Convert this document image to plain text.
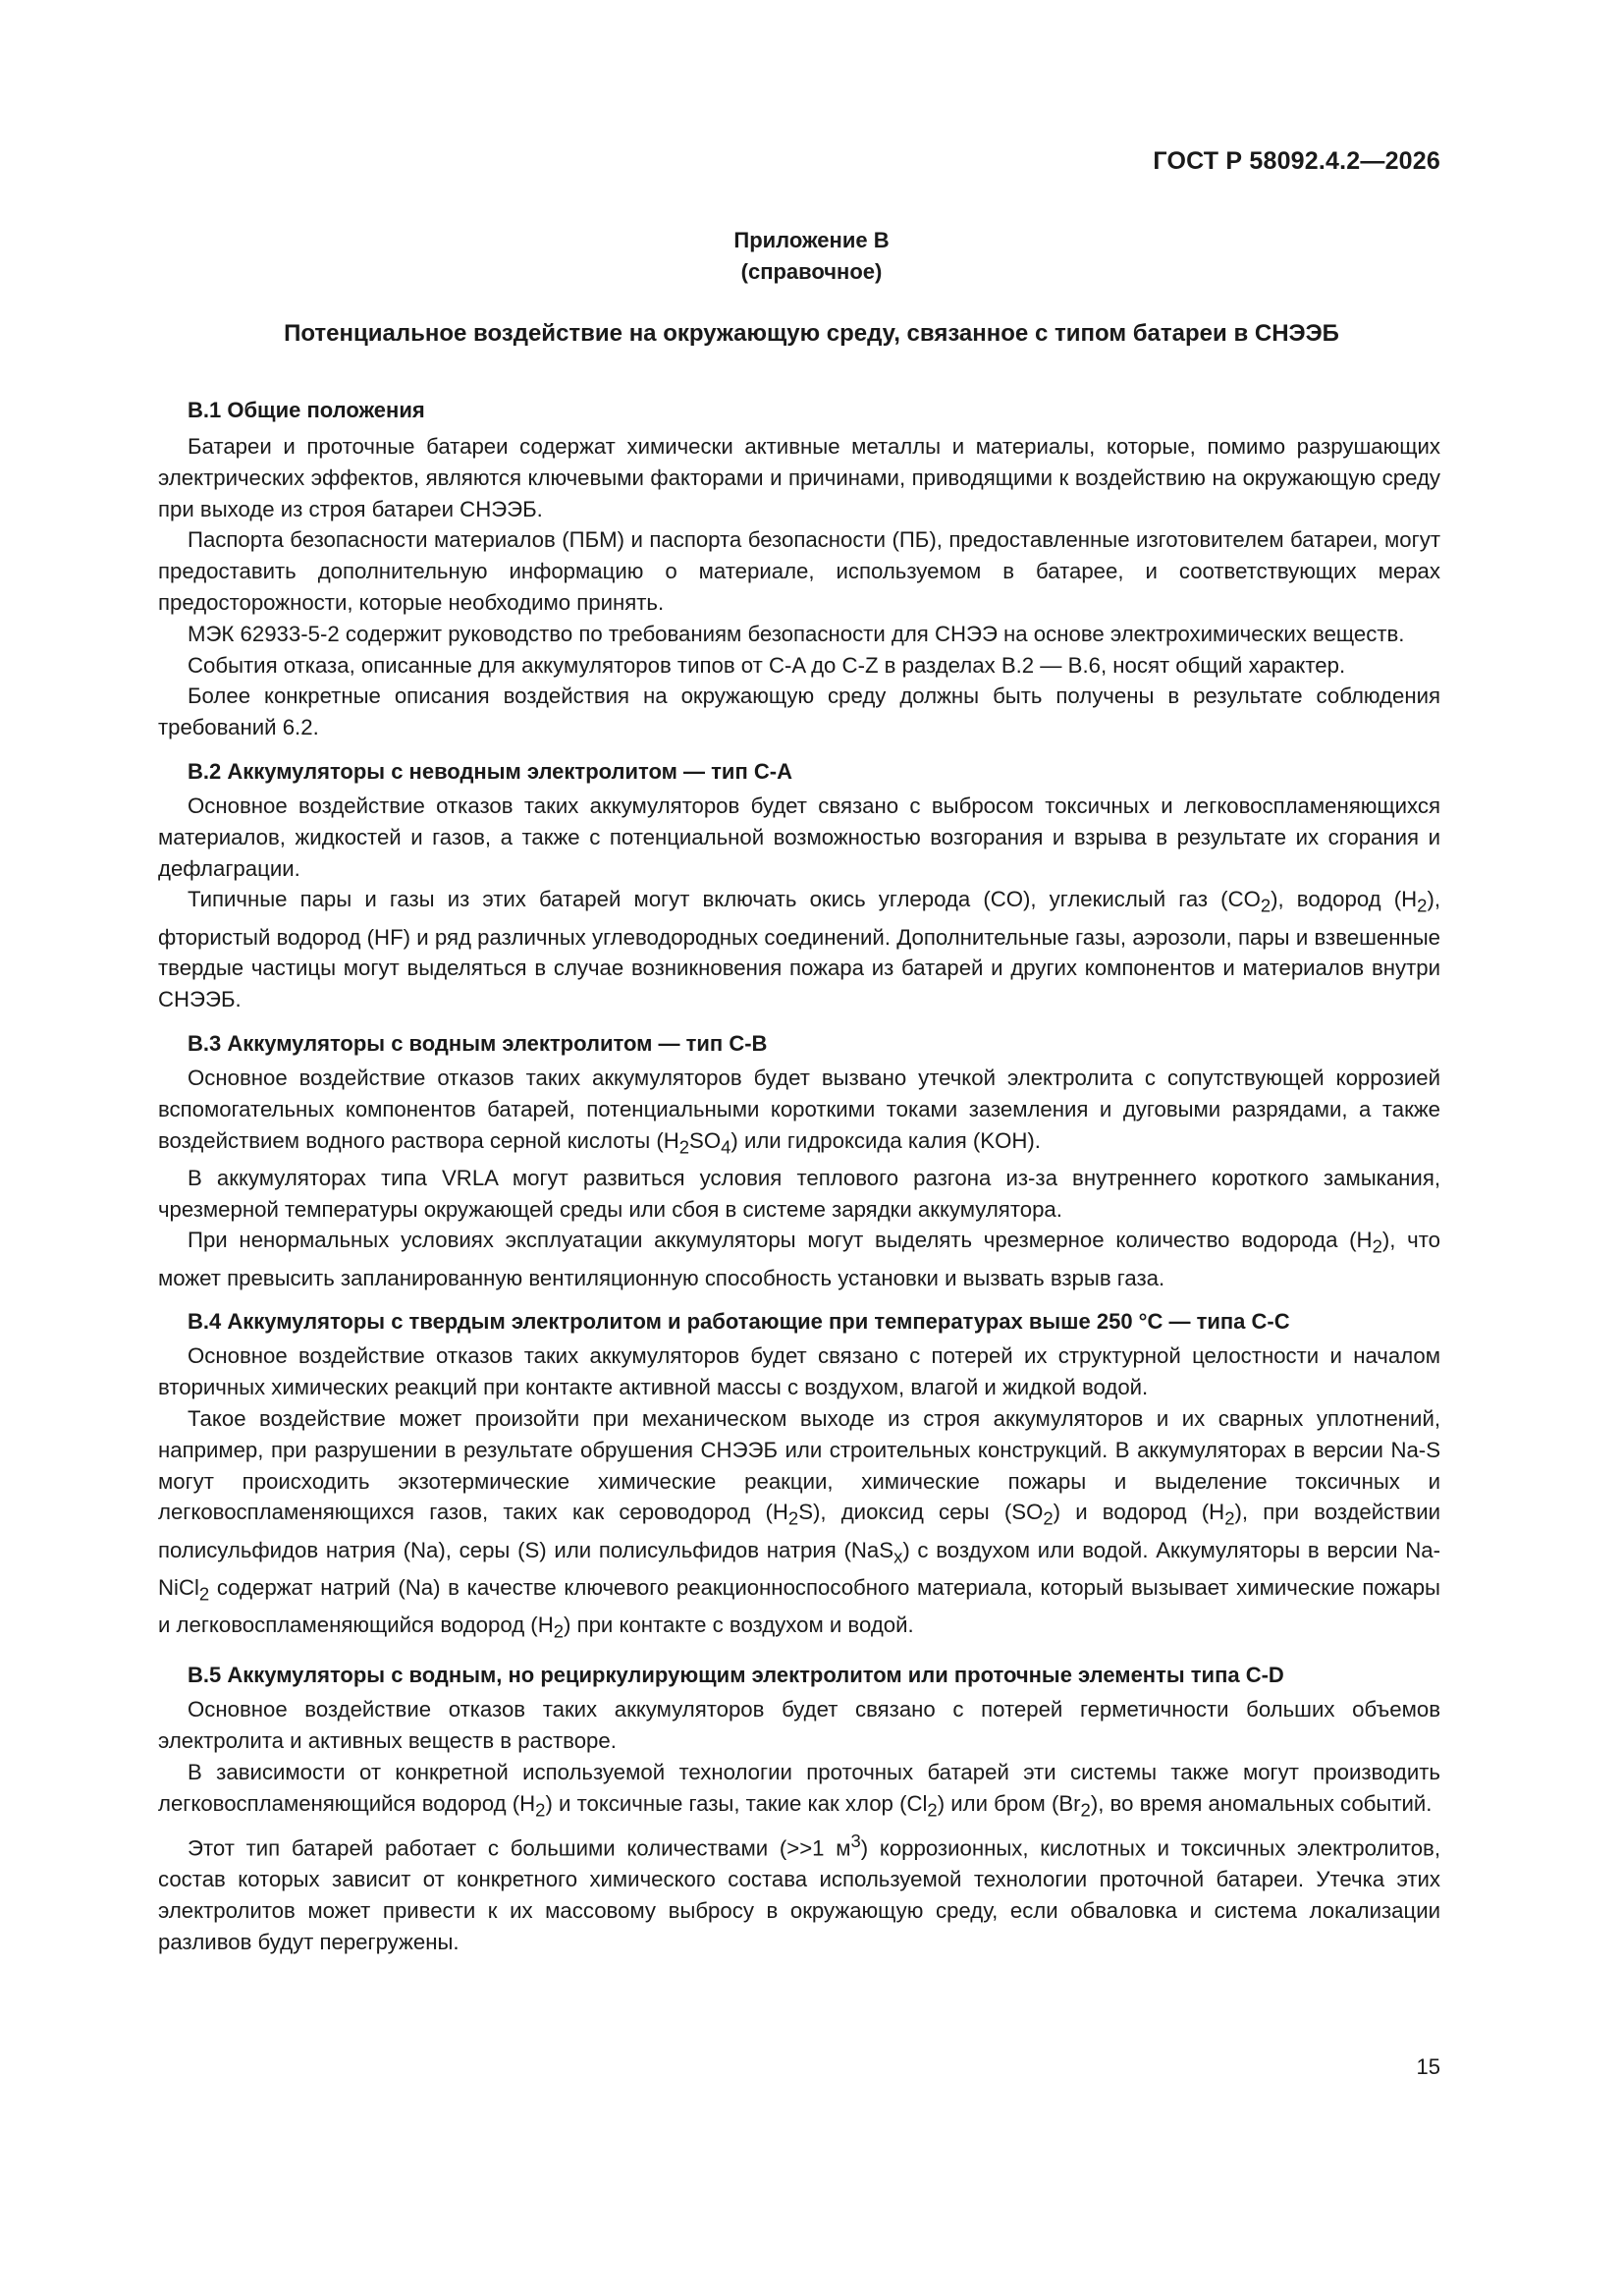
ГОСТ Р 58092.4.2—2026
Приложение В
(справочное)
Потенциальное воздействие на окружающую среду, связанное с типом батареи в СНЭЭБ
В.1 Общие положения

Батареи и проточные батареи содержат химически активные металлы и материалы, которые, помимо разрушающих электрических эффектов, являются ключевыми факторами и причинами, приводящими к воздействию на окружающую среду при выходе из строя батареи СНЭЭБ.

Паспорта безопасности материалов (ПБМ) и паспорта безопасности (ПБ), предоставленные изготовителем батареи, могут предоставить дополнительную информацию о материале, используемом в батарее, и соответствующих мерах предосторожности, которые необходимо принять.

МЭК 62933-5-2 содержит руководство по требованиям безопасности для СНЭЭ на основе электрохимических веществ.

События отказа, описанные для аккумуляторов типов от C-A до C-Z в разделах В.2 — В.6, носят общий характер.

Более конкретные описания воздействия на окружающую среду должны быть получены в результате соблюдения требований 6.2.

В.2 Аккумуляторы с неводным электролитом — тип C-A

Основное воздействие отказов таких аккумуляторов будет связано с выбросом токсичных и легковоспламеняющихся материалов, жидкостей и газов, а также с потенциальной возможностью возгорания и взрыва в результате их сгорания и дефлаграции.

Типичные пары и газы из этих батарей могут включать окись углерода (CO), углекислый газ $(CO_2)$, водород $(H_2)$, фтористый водород (HF) и ряд различных углеводородных соединений. Дополнительные газы, аэрозоли, пары и взвешенные твердые частицы могут выделяться в случае возникновения пожара из батарей и других компонентов и материалов внутри СНЭЭБ.

В.3 Аккумуляторы с водным электролитом — тип C-B

Основное воздействие отказов таких аккумуляторов будет вызвано утечкой электролита с сопутствующей коррозией вспомогательных компонентов батарей, потенциальными короткими токами заземления и дуговыми разрядами, а также воздействием водного раствора серной кислоты $(H_2SO_4)$ или гидроксида калия (KOH).

В аккумуляторах типа VRLA могут развиться условия теплового разгона из-за внутреннего короткого замыкания, чрезмерной температуры окружающей среды или сбоя в системе зарядки аккумулятора.

При ненормальных условиях эксплуатации аккумуляторы могут выделять чрезмерное количество водорода $(H_2)$, что может превысить запланированную вентиляционную способность установки и вызвать взрыв газа.

В.4 Аккумуляторы с твердым электролитом и работающие при температурах выше 250 °С — типа C-C

Основное воздействие отказов таких аккумуляторов будет связано с потерей их структурной целостности и началом вторичных химических реакций при контакте активной массы с воздухом, влагой и жидкой водой.

Такое воздействие может произойти при механическом выходе из строя аккумуляторов и их сварных уплотнений, например, при разрушении в результате обрушения СНЭЭБ или строительных конструкций. В аккумуляторах в версии Na-S могут происходить экзотермические химические реакции, химические пожары и выделение токсичных и легковоспламеняющихся газов, таких как сероводород $(H_2S)$, диоксид серы $(SO_2)$ и водород $(H_2)$, при воздействии полисульфидов натрия (Na), серы (S) или полисульфидов натрия (NaS$_x$) с воздухом или водой. Аккумуляторы в версии Na-NiCl$_2$ содержат натрий (Na) в качестве ключевого реакционноспособного материала, который вызывает химические пожары и легковоспламеняющийся водород $(H_2)$ при контакте с воздухом и водой.

В.5 Аккумуляторы с водным, но рециркулирующим электролитом или проточные элементы типа C-D

Основное воздействие отказов таких аккумуляторов будет связано с потерей герметичности больших объемов электролита и активных веществ в растворе.

В зависимости от конкретной используемой технологии проточных батарей эти системы также могут производить легковоспламеняющийся водород $(H_2)$ и токсичные газы, такие как хлор $(Cl_2)$ или бром $(Br_2)$, во время аномальных событий.

Этот тип батарей работает с большими количествами (>>1 $м^3$) коррозионных, кислотных и токсичных электролитов, состав которых зависит от конкретного химического состава используемой технологии проточной батареи. Утечка этих электролитов может привести к их массовому выбросу в окружающую среду, если обваловка и система локализации разливов будут перегружены.

15
